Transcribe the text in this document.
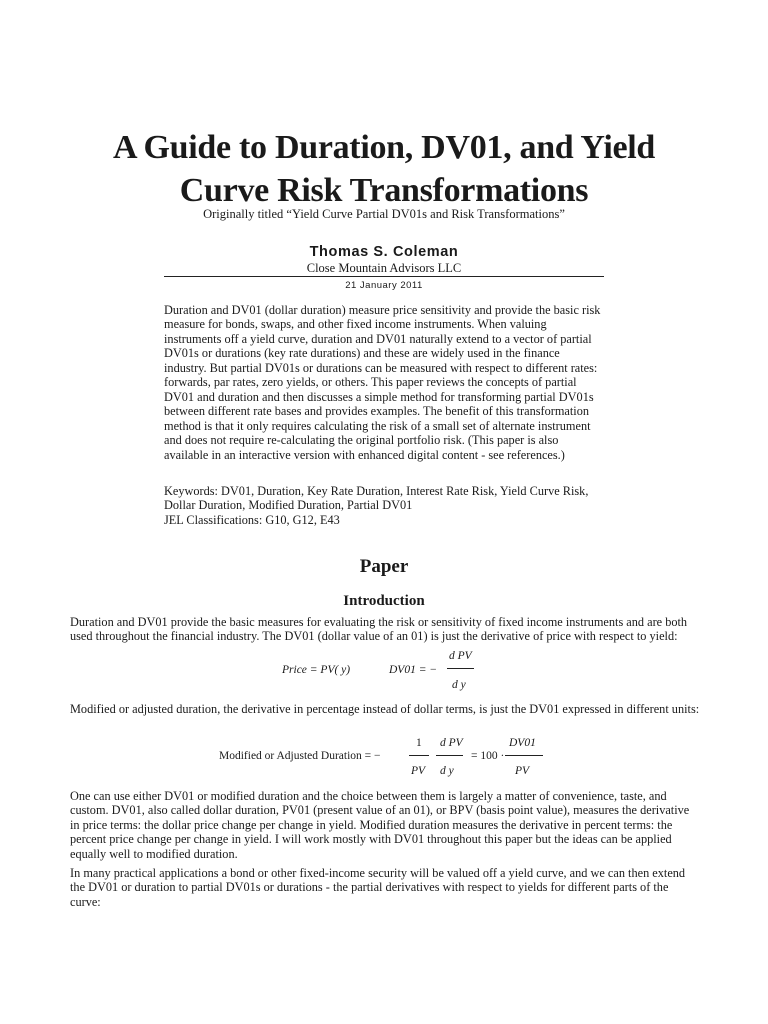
A Guide to Duration, DV01, and Yield
Curve Risk Transformations
Originally titled “Yield Curve Partial DV01s and Risk Transformations”
Thomas S. Coleman
Close Mountain Advisors LLC
21 January 2011

Duration and DV01 (dollar duration) measure price sensitivity and provide the basic risk measure for bonds, swaps, and other fixed income instruments. When valuing instruments off a yield curve, duration and DV01 naturally extend to a vector of partial DV01s or durations (key rate durations) and these are widely used in the finance industry. But partial DV01s or durations can be measured with respect to different rates: forwards, par rates, zero yields, or others. This paper reviews the concepts of partial DV01 and duration and then discusses a simple method for transforming partial DV01s between different rate bases and provides examples. The benefit of this transformation method is that it only requires calculating the risk of a small set of alternate instrument and does not require re-calculating the original portfolio risk. (This paper is also available in an interactive version with enhanced digital content - see references.)

Keywords: DV01, Duration, Key Rate Duration, Interest Rate Risk, Yield Curve Risk, Dollar Duration, Modified Duration, Partial DV01
JEL Classifications: G10, G12, E43

Paper
Introduction

Duration and DV01 provide the basic measures for evaluating the risk or sensitivity of fixed income instruments and are both used throughout the financial industry. The DV01 (dollar value of an 01) is just the derivative of price with respect to yield:

Price = PV( y)	DV01 = −
d PV
d y

Modified or adjusted duration, the derivative in percentage instead of dollar terms, is just the DV01 expressed in different units:

Modified or Adjusted Duration = −
1
PV
d PV
d y
= 100 ·
DV01
PV

One can use either DV01 or modified duration and the choice between them is largely a matter of convenience, taste, and custom. DV01, also called dollar duration, PV01 (present value of an 01), or BPV (basis point value), measures the derivative in price terms: the dollar price change per change in yield. Modified duration measures the derivative in percent terms: the percent price change per change in yield. I will work mostly with DV01 throughout this paper but the ideas can be applied equally well to modified duration.

In many practical applications a bond or other fixed-income security will be valued off a yield curve, and we can then extend the DV01 or duration to partial DV01s or durations - the partial derivatives with respect to yields for different parts of the curve:
